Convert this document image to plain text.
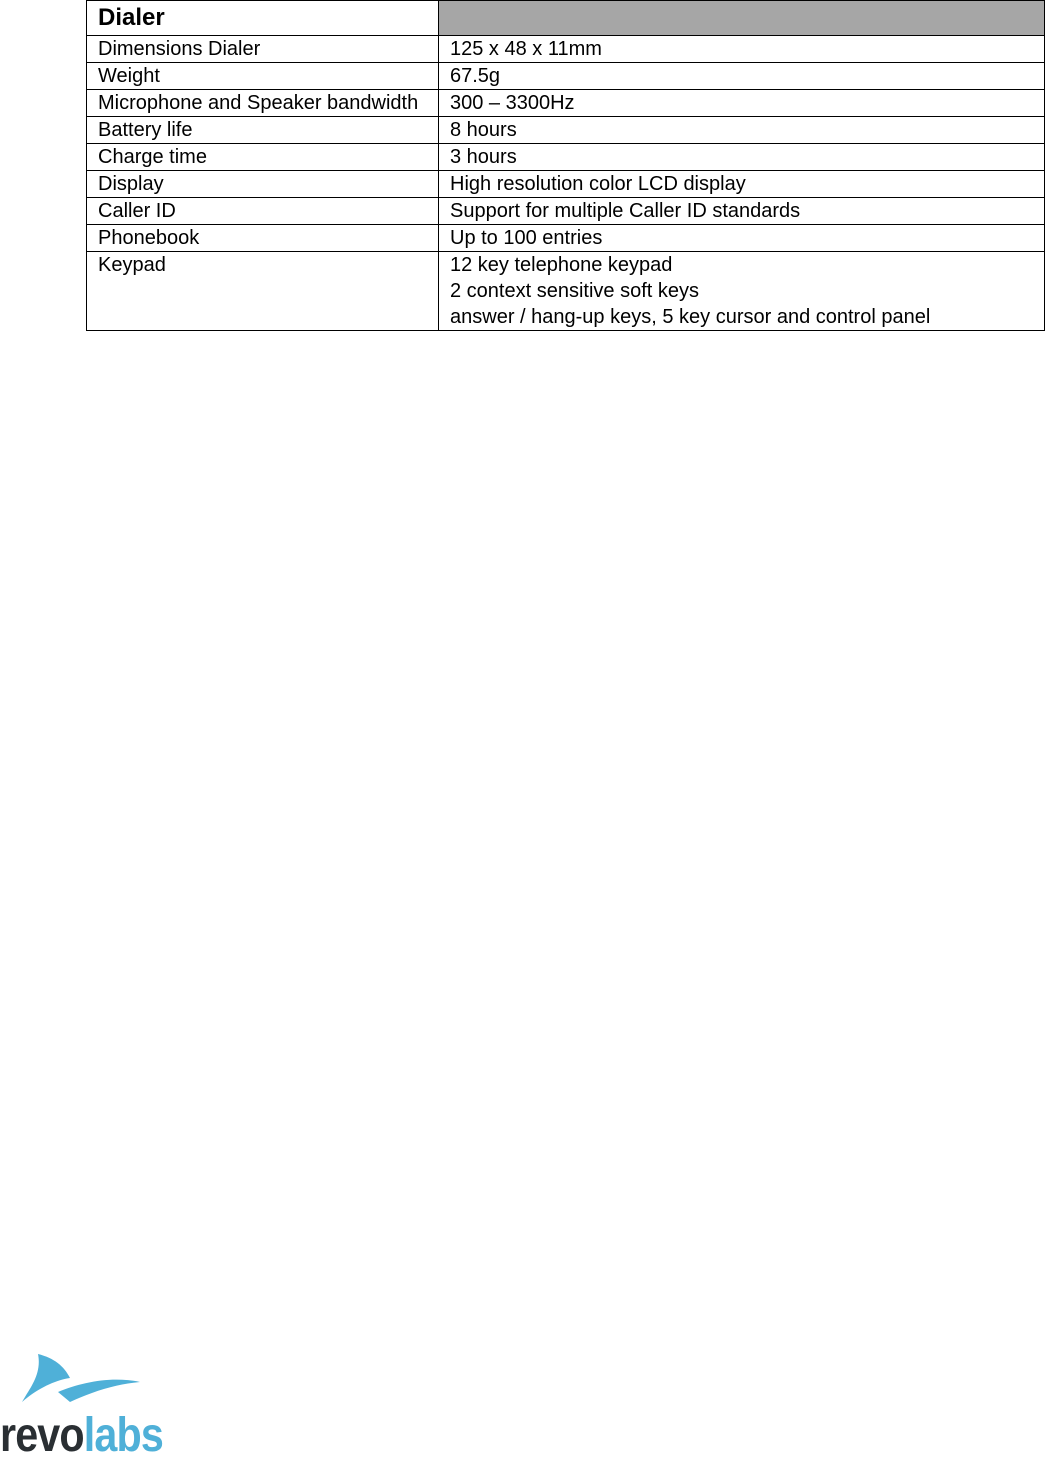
Dialer	
Dimensions Dialer	125 x 48 x 11mm

Weight	67.5g

Microphone and Speaker bandwidth	300 – 3300Hz

Battery life	8 hours

Charge time	3 hours

Display	High resolution color LCD display

Caller ID	Support for multiple Caller ID standards

Phonebook	Up to 100 entries

Keypad	12 key telephone keypad
2 context sensitive soft keys
answer / hang-up keys, 5 key cursor and control panel
revolabs
